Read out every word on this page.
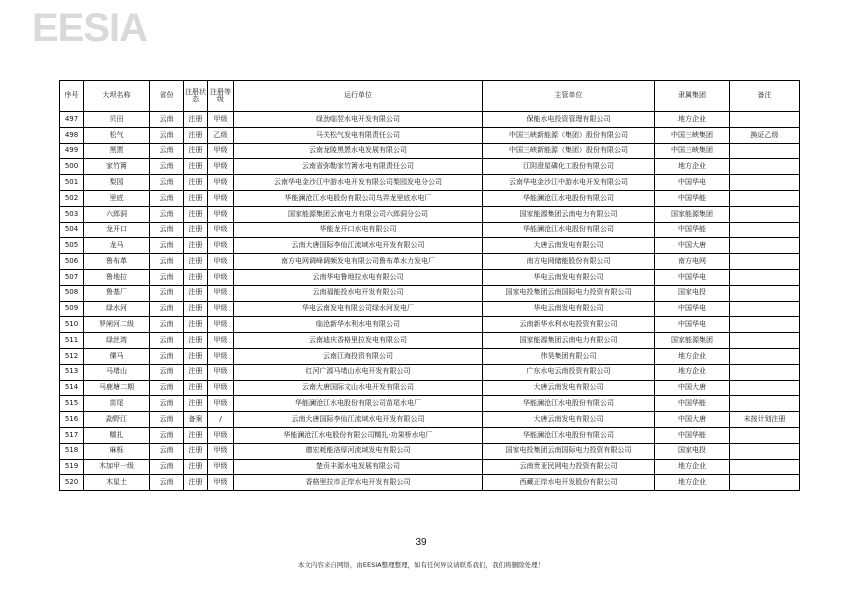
EESIA
序号	大坝名称	省份	注册状态	注册等级	运行单位	主管单位	隶属集团	备注
497	贝田	云南	注册	甲级	绿劲临翌水电开发有限公司	保能水电投资管理有限公司	地方企业	
498	松气	云南	注册	乙级	马关松气发电有限责任公司	中国三峡新能源（集团）股份有限公司	中国三峡集团	换证乙级
499	黑罴	云南	注册	甲级	云南龙陵黑罴水电发展有限公司	中国三峡新能源（集团）股份有限公司	中国三峡集团	
500	家竹箐	云南	注册	甲级	云南省弥勒家竹箐水电有限责任公司	江阴澄星磷化工股份有限公司	地方企业	
501	梨园	云南	注册	甲级	云南华电金沙江中游水电开发有限公司梨园发电分公司	云南华电金沙江中游水电开发有限公司	中国华电	
502	里底	云南	注册	甲级	华能澜沧江水电股份有限公司乌弄龙里底水电厂	华能澜沧江水电股份有限公司	中国华能	
503	六郎洞	云南	注册	甲级	国家能源集团云南电力有限公司六郎洞分公司	国家能源集团云南电力有限公司	国家能源集团	
504	龙开口	云南	注册	甲级	华能龙开口水电有限公司	华能澜沧江水电股份有限公司	中国华能	
505	龙马	云南	注册	甲级	云南大唐国际李仙江流域水电开发有限公司	大唐云南发电有限公司	中国大唐	
506	鲁布革	云南	注册	甲级	南方电网调峰调频发电有限公司鲁布革水力发电厂	南方电网储能股份有限公司	南方电网	
507	鲁地拉	云南	注册	甲级	云南华电鲁地拉水电有限公司	华电云南发电有限公司	中国华电	
508	鲁基厂	云南	注册	甲级	云南福能投水电开发有限公司	国家电投集团云南国际电力投资有限公司	国家电投	
509	绿水河	云南	注册	甲级	华电云南发电有限公司绿水河发电厂	华电云南发电有限公司	中国华电	
510	罗闸河二级	云南	注册	甲级	临沧新华水利水电有限公司	云南新华水利水电投资有限公司	中国华电	
511	绿丝湾	云南	注册	甲级	云南迪庆香格里拉发电有限公司	国家能源集团云南电力有限公司	国家能源集团	
512	傈马	云南	注册	甲级	云南江海投资有限公司	伟昊集团有限公司	地方企业	
513	马堵山	云南	注册	甲级	红河广源马堵山水电开发有限公司	广东水电云南投资有限公司	地方企业	
514	马鹿塘二期	云南	注册	甲级	云南大唐国际文山水电开发有限公司	大唐云南发电有限公司	中国大唐	
515	苗尾	云南	注册	甲级	华能澜沧江水电股份有限公司苗尾水电厂	华能澜沧江水电股份有限公司	中国华能	
516	勐野江	云南	备案	/	云南大唐国际李仙江流域水电开发有限公司	大唐云南发电有限公司	中国大唐	未按计划注册
517	糯扎	云南	注册	甲级	华能澜沧江水电股份有限公司糯扎·功果桥水电厂	华能澜沧江水电股份有限公司	中国华能	
518	麻栎	云南	注册	甲级	德宏耗能洛厚河流域发电有限公司	国家电投集团云南国际电力投资有限公司	国家电投	
519	木加甲一级	云南	注册	甲级	楚贡丰源水电发展有限公司	云南贵亚民网电力投资有限公司	地方企业	
520	木星土	云南	注册	甲级	香格里拉市正岸水电开发有限公司	西藏正岸水电开发股份有限公司	地方企业	
39
本文内容来自网络，由EESIA整理整理，如有任何异议请联系我们，我们将删除处理！
